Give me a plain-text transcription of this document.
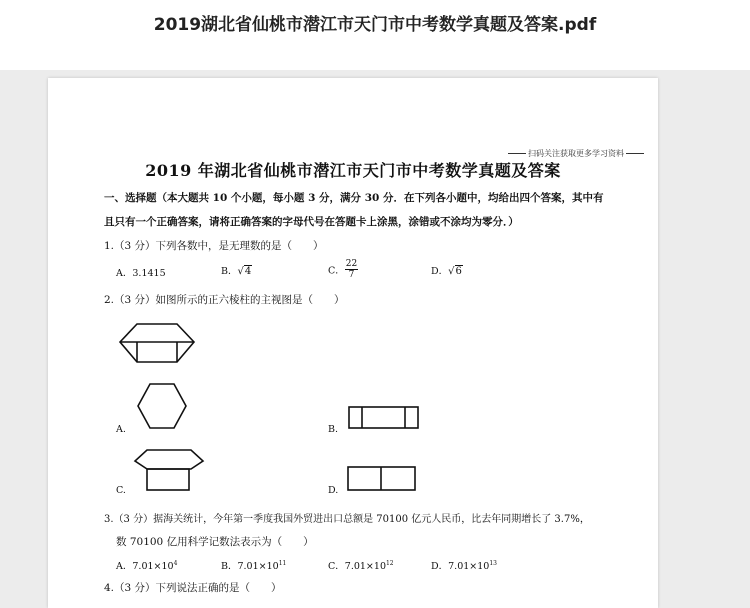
2019湖北省仙桃市潜江市天门市中考数学真题及答案.pdf
扫码关注获取更多学习资料
2019 年湖北省仙桃市潜江市天门市中考数学真题及答案
一、选择题（本大题共 10 个小题，每小题 3 分，满分 30 分．在下列各小题中，均给出四个答案，其中有
且只有一个正确答案，请将正确答案的字母代号在答题卡上涂黑，涂错或不涂均为零分．）
1.（3 分）下列各数中，是无理数的是（　　）
A．3.1415	B．√4	C． $\frac{22}{7}$	D．√6
2.（3 分）如图所示的正六棱柱的主视图是（　　）
A.	B.
C.	D.
3.（3 分）据海关统计，今年第一季度我国外贸进出口总额是 70100 亿元人民币，比去年同期增长了 3.7%，
数 70100 亿用科学记数法表示为（　　）
A．$7.01\times 10^4$	B．$7.01\times 10^{11}$	C．$7.01\times 10^{12}$	D．$7.01\times 10^{13}$
4.（3 分）下列说法正确的是（　　）
